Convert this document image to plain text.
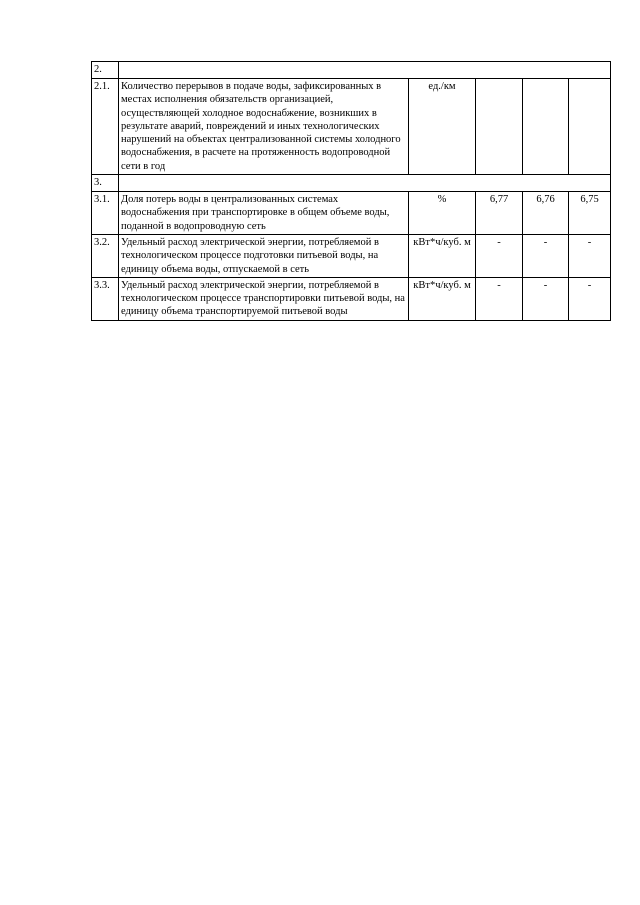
2.					
2.1.	Количество перерывов в подаче воды, зафиксированных в местах исполнения обязательств организацией, осуществляющей холодное водоснабжение, возникших в результате аварий, повреждений и иных технологических нарушений на объектах централизованной системы холодного водоснабжения, в расчете на протяженность водопроводной сети в год	ед./км			
3.					
3.1.	Доля потерь воды в централизованных системах водоснабжения при транспортировке в общем объеме воды, поданной в водопроводную сеть	%	6,77	6,76	6,75
3.2.	Удельный расход электрической энергии, потребляемой в технологическом процессе подготовки питьевой воды, на единицу объема воды, отпускаемой в сеть	кВт*ч/куб. м	-	-	-
3.3.	Удельный расход электрической энергии, потребляемой в технологическом процессе транспортировки питьевой воды, на единицу объема транспортируемой питьевой воды	кВт*ч/куб. м	-	-	-
